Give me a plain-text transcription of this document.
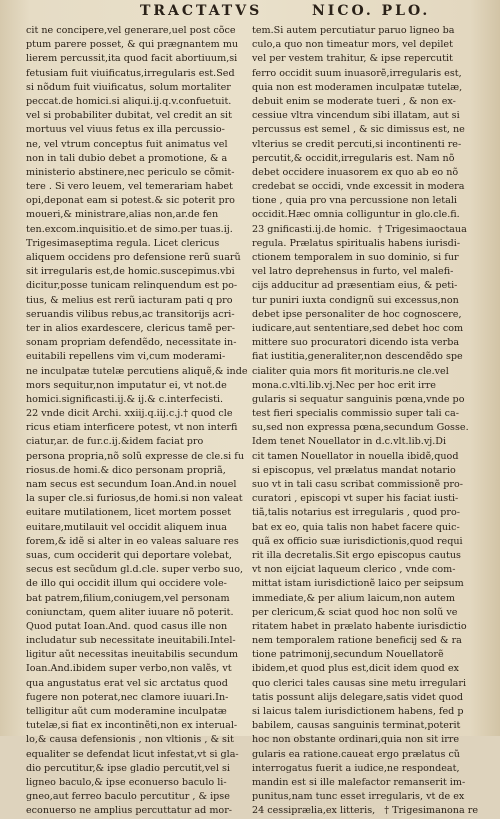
TRACTATVS	NICO. PLO.
cit ne concipere,vel generare,uel post cõce
ptum parere posset, & qui prægnantem mu
lierem percussit,ita quod facit abortiuum,si
fetusiam fuit viuificatus,irregularis est.Sed
si nõdum fuit viuificatus, solum mortaliter
peccat.de homici.si aliqui.ij.q.v.confuetuit.
vel si probabiliter dubitat, vel credit an sit
mortuus vel viuus fetus ex illa percussio-
ne, vel vtrum conceptus fuit animatus vel
non in tali dubio debet a promotione, & a
ministerio abstinere,nec periculo se cõmit-
tere . Si vero leuem, vel temerariam habet
opi,deponat eam si potest.& sic poterit pro
moueri,& ministrare,alias non,ar.de fen
ten.excom.inquisitio.et de simo.per tuas.ij.
Trigesimaseptima regula. Licet clericus
aliquem occidens pro defensione rerũ suarũ
sit irregularis est,de homic.suscepimus.vbi
dicitur,posse tunicam relinquendum est po-
tius, & melius est rerũ iacturam pati q pro
seruandis vilibus rebus,ac transitorijs acri-
ter in alios exardescere, clericus tamẽ per-
sonam propriam defendẽdo, necessitate in-
euitabili repellens vim vi,cum moderami-
ne inculpatæ tutelæ percutiens aliquẽ,& inde
mors sequitur,non imputatur ei, vt not.de
homici.significasti.ij.& ij.& c.interfecisti.
22 vnde dicit Archi. xxiij.q.iij.c.j.† quod cle
ricus etiam interficere potest, vt non interfi
ciatur,ar. de fur.c.ij.&idem faciat pro
persona propria,nõ solũ expresse de cle.si fu
riosus.de homi.& dico personam propriã,
nam secus est secundum Ioan.And.in nouel
la super cle.si furiosus,de homi.si non valeat
euitare mutilationem, licet mortem posset
euitare,mutilauit vel occidit aliquem inua
forem,& idẽ si alter in eo valeas saluare res
suas, cum occiderit qui deportare volebat,
secus est secũdum gl.d.cle. super verbo suo,
de illo qui occidit illum qui occidere vole-
bat patrem,filium,coniugem,vel personam
coniunctam, quem aliter iuuare nõ poterit.
Quod putat Ioan.And. quod casus ille non
includatur sub necessitate ineuitabili.Intel-
ligitur aũt necessitas ineuitabilis secundum
Ioan.And.ibidem super verbo,non valẽs, vt
qua angustatus erat vel sic arctatus quod
fugere non poterat,nec clamore iuuari.In-
telligitur aũt cum moderamine inculpatæ
tutelæ,si fiat ex incontinẽti,non ex interual-
lo,& causa defensionis , non vltionis , & sit
equaliter se defendat licut infestat,vt si gla-
dio percutitur,& ipse gladio percutit,vel si
ligneo baculo,& ipse econuerso baculo li-
gneo,aut ferreo baculo percutitur , & ipse
econuerso ne amplius percuttatur ad mor-
tem.Si autem percutiatur paruo ligneo ba
culo,a quo non timeatur mors, vel depilet
vel per vestem trahitur, & ipse repercutit
ferro occidit suum inuasorẽ,irregularis est,
quia non est moderamen inculpatæ tutelæ,
debuit enim se moderate tueri , & non ex-
cessiue vltra vincendum sibi illatam, aut si
percussus est semel , & sic dimissus est, ne
vlterius se credit percuti,si incontinenti re-
percutit,& occidit,irregularis est. Nam nõ
debet occidere inuasorem ex quo ab eo nõ
credebat se occidi, vnde excessit in modera
tione , quia pro vna percussione non letali
occidit.Hæc omnia colliguntur in glo.cle.fi.
23 gnificasti.ij.de homic.  † Trigesimaoctaua
regula. Prælatus spiritualis habens iurisdi-
ctionem temporalem in suo dominio, si fur
vel latro deprehensus in furto, vel malefi-
cijs adducitur ad præsentiam eius, & peti-
tur puniri iuxta condignũ sui excessus,non
debet ipse personaliter de hoc cognoscere,
iudicare,aut sententiare,sed debet hoc com
mittere suo procuratori dicendo ista verba
fiat iustitia,generaliter,non descendẽdo spe
cialiter quia mors fit morituris.ne cle.vel
mona.c.vlti.lib.vj.Nec per hoc erit irre
gularis si sequatur sanguinis pœna,vnde po
test fieri specialis commissio super tali ca-
su,sed non expressa pœna,secundum Gosse.
Idem tenet Nouellator in d.c.vlt.lib.vj.Di
cit tamen Nouellator in nouella ibidẽ,quod
si episcopus, vel prælatus mandat notario
suo vt in tali casu scribat commissionẽ pro-
curatori , episcopi vt super his faciat iusti-
tiã,talis notarius est irregularis , quod pro-
bat ex eo, quia talis non habet facere quic-
quã ex officio suæ iurisdictionis,quod requi
rit illa decretalis.Sit ergo episcopus cautus
vt non eijciat laqueum clerico , vnde com-
mittat istam iurisdictionẽ laico per seipsum
immediate,& per alium laicum,non autem
per clericum,& sciat quod hoc non solũ ve
ritatem habet in prælato habente iurisdictio
nem temporalem ratione beneficij sed & ra
tione patrimonij,secundum Nouellatorẽ
ibidem,et quod plus est,dicit idem quod ex
quo clerici tales causas sine metu irregulari
tatis possunt alijs delegare,satis videt quod
si laicus talem iurisdictionem habens, fed p
babilem, causas sanguinis terminat,poterit
hoc non obstante ordinari,quia non sit irre
gularis ea ratione.caueat ergo prælatus cũ
interrogatus fuerit a iudice,ne respondeat,
mandin est si ille malefactor remanserit im-
punitus,nam tunc esset irregularis, vt de ex
24 cessiprælia,ex litteris,   † Trigesimanona re
